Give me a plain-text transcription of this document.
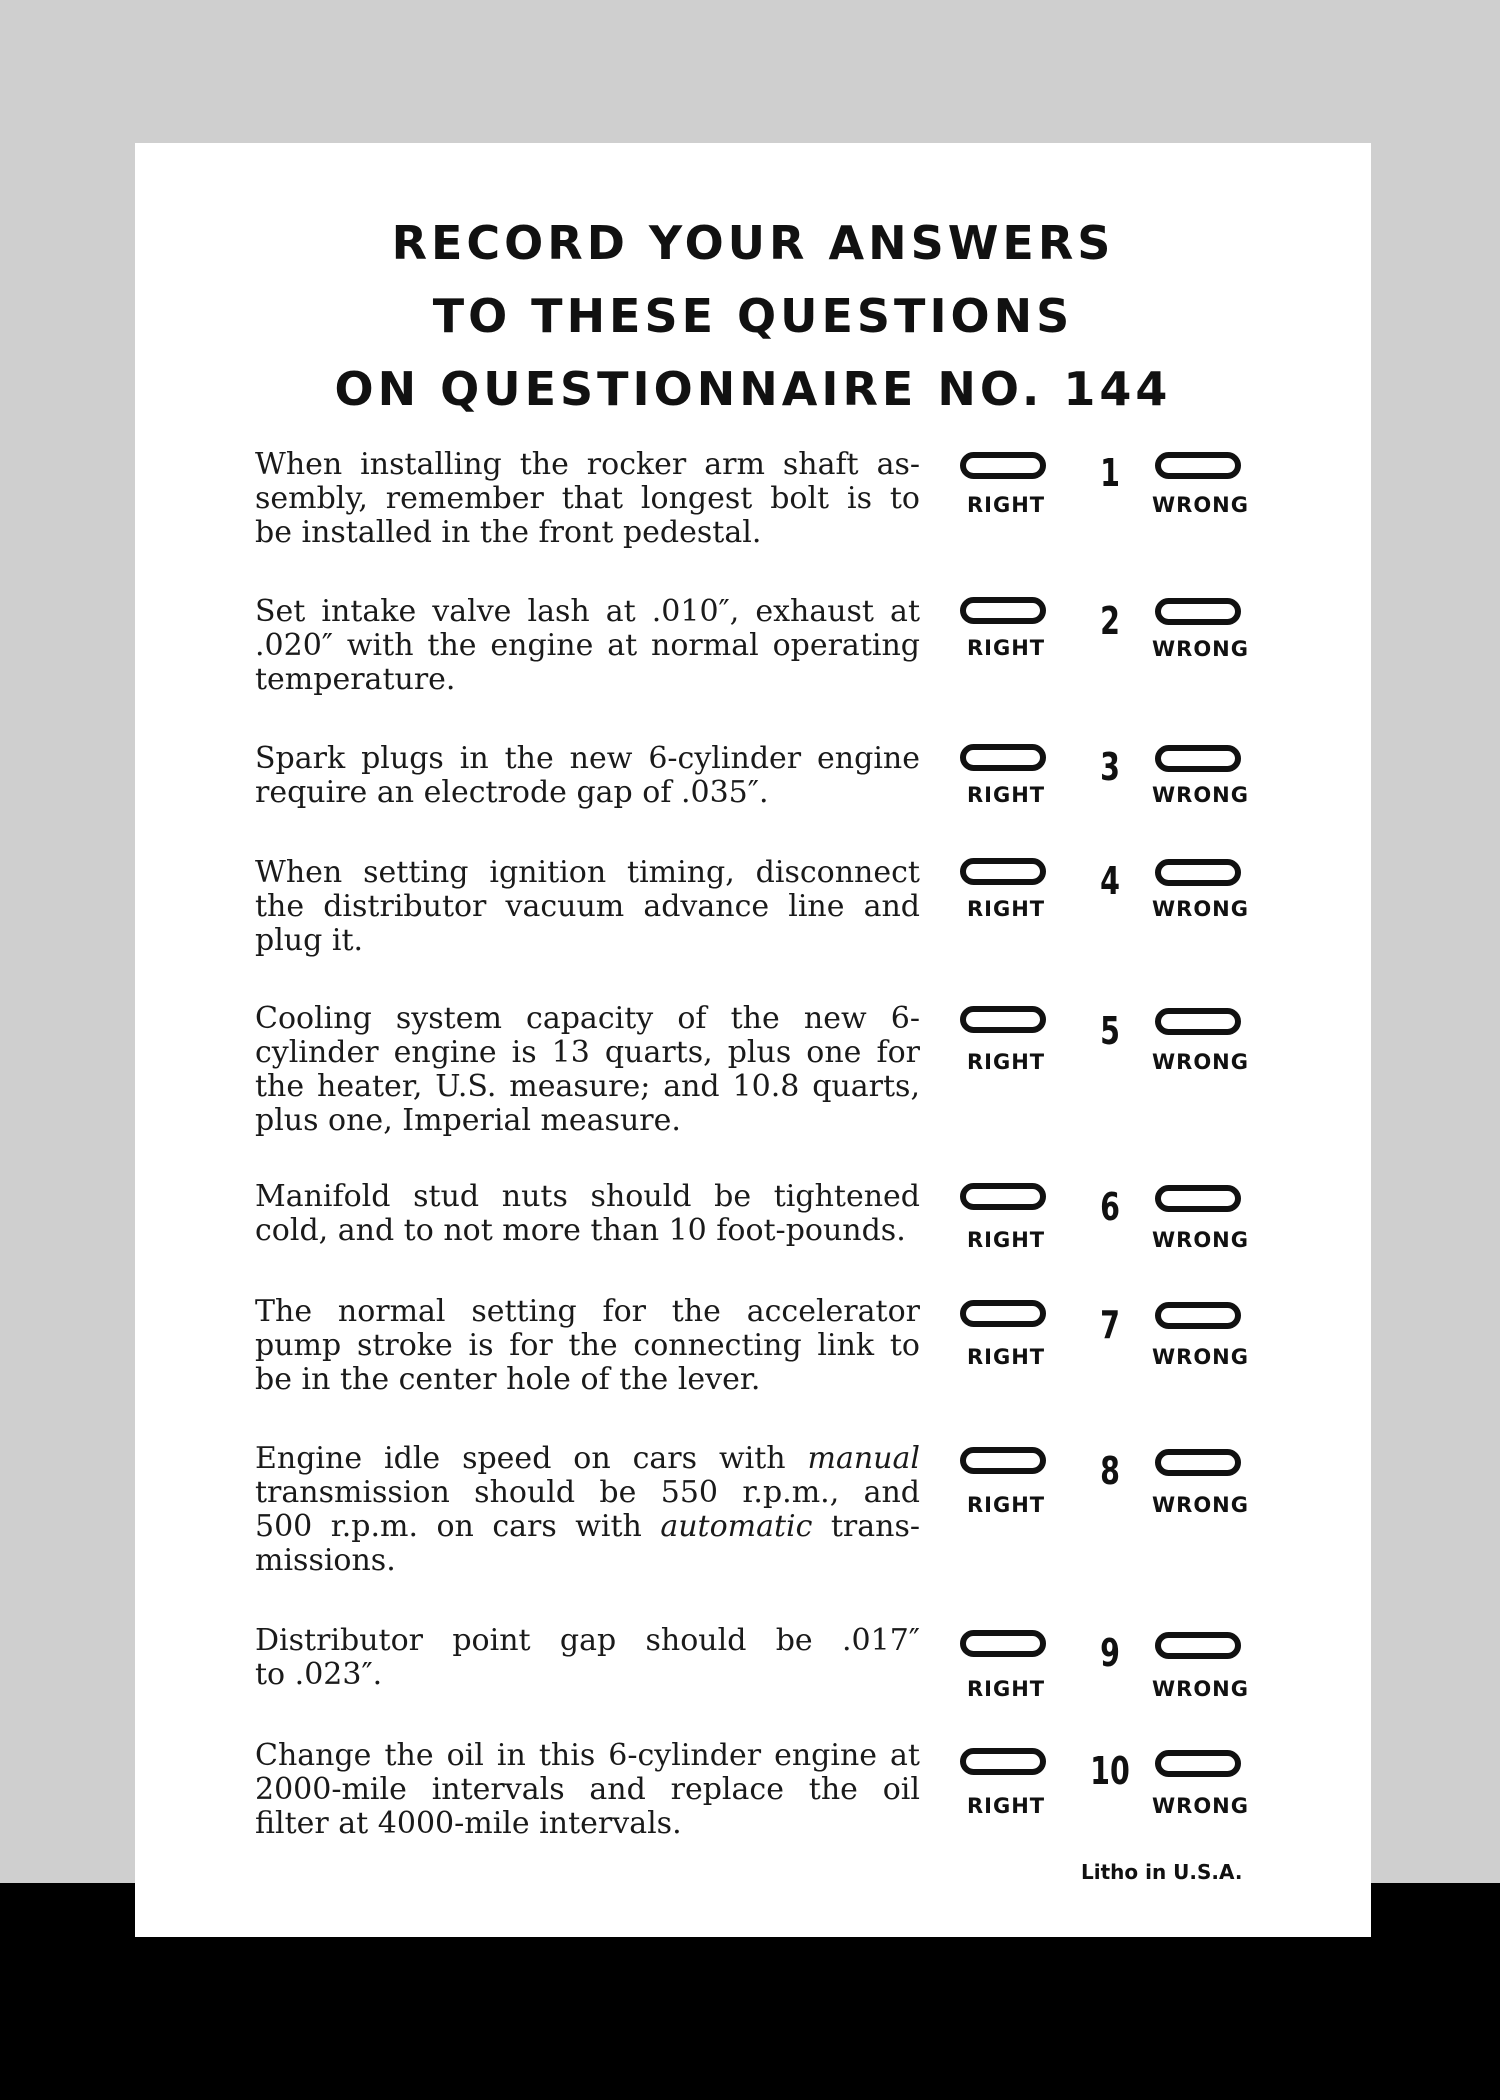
RECORD YOUR ANSWERS
TO THESE QUESTIONS
ON QUESTIONNAIRE NO. 144
When installing the rocker arm shaft as-
sembly, remember that longest bolt is to
be installed in the front pedestal.
RIGHT
1
WRONG
Set intake valve lash at .010″, exhaust at
.020″ with the engine at normal operating
temperature.
RIGHT
2
WRONG
Spark plugs in the new 6-cylinder engine
require an electrode gap of .035″.	RIGHT
3
WRONG
When setting ignition timing, disconnect
the distributor vacuum advance line and
plug it.
RIGHT
4
WRONG
Cooling system capacity of the new 6-
cylinder engine is 13 quarts, plus one for
the heater, U.S. measure; and 10.8 quarts,
plus one, Imperial measure.
RIGHT
5
WRONG
Manifold stud nuts should be tightened
cold, and to not more than 10 foot-pounds.	RIGHT
6
WRONG
The normal setting for the accelerator
pump stroke is for the connecting link to
be in the center hole of the lever.
RIGHT
7
WRONG
Engine idle speed on cars with manual
transmission should be 550 r.p.m., and
500 r.p.m. on cars with automatic trans-
missions.
RIGHT
8
WRONG
Distributor point gap should be .017″
to .023″.	RIGHT
9
WRONG
Change the oil in this 6-cylinder engine at
2000-mile intervals and replace the oil
filter at 4000-mile intervals.	RIGHT
10
WRONG
Litho in U.S.A.
